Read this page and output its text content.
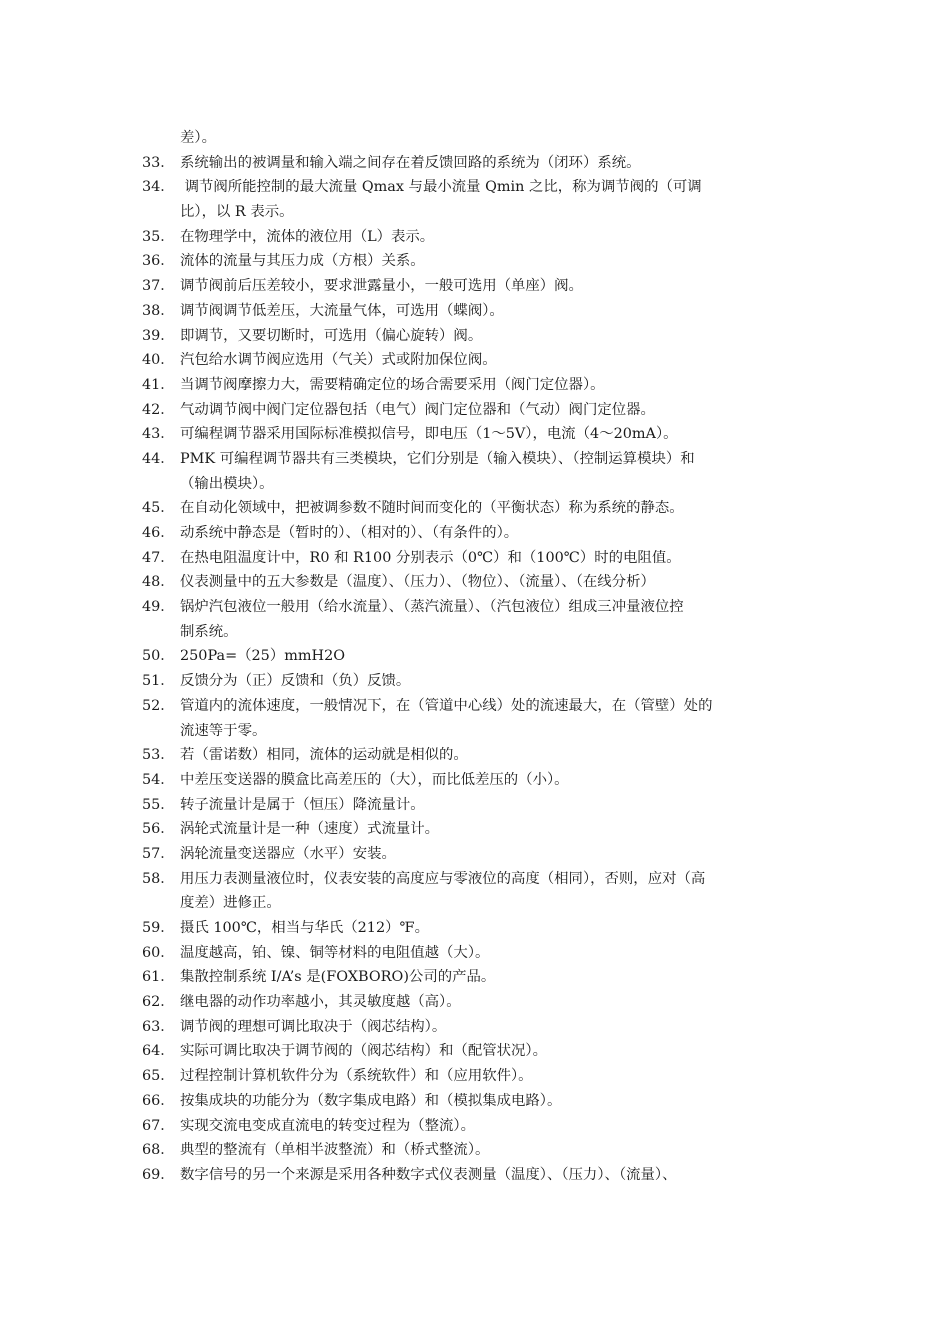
差）。
33． 系统输出的被调量和输入端之间存在着反馈回路的系统为（闭环）系统。
34． 调节阀所能控制的最大流量 Qmax 与最小流量 Qmin 之比，称为调节阀的（可调
比），以 R 表示。
35． 在物理学中，流体的液位用（L）表示。
36． 流体的流量与其压力成（方根）关系。
37． 调节阀前后压差较小，要求泄露量小，一般可选用（单座）阀。
38． 调节阀调节低差压，大流量气体，可选用（蝶阀）。
39． 即调节，又要切断时，可选用（偏心旋转）阀。
40． 汽包给水调节阀应选用（气关）式或附加保位阀。
41． 当调节阀摩擦力大，需要精确定位的场合需要采用（阀门定位器）。
42． 气动调节阀中阀门定位器包括（电气）阀门定位器和（气动）阀门定位器。
43． 可编程调节器采用国际标准模拟信号，即电压（1～5V），电流（4～20mA）。
44． PMK 可编程调节器共有三类模块，它们分别是（输入模块）、（控制运算模块）和
（输出模块）。
45． 在自动化领域中，把被调参数不随时间而变化的（平衡状态）称为系统的静态。
46． 动系统中静态是（暂时的）、（相对的）、（有条件的）。
47． 在热电阻温度计中，R0 和 R100 分别表示（0℃）和（100℃）时的电阻值。
48． 仪表测量中的五大参数是（温度）、（压力）、（物位）、（流量）、（在线分析）
49． 锅炉汽包液位一般用（给水流量）、（蒸汽流量）、（汽包液位）组成三冲量液位控
制系统。
50． 250Pa=（25）mmH2O
51． 反馈分为（正）反馈和（负）反馈。
52． 管道内的流体速度，一般情况下，在（管道中心线）处的流速最大，在（管壁）处的
流速等于零。
53． 若（雷诺数）相同，流体的运动就是相似的。
54． 中差压变送器的膜盒比高差压的（大），而比低差压的（小）。
55． 转子流量计是属于（恒压）降流量计。
56． 涡轮式流量计是一种（速度）式流量计。
57． 涡轮流量变送器应（水平）安装。
58． 用压力表测量液位时，仪表安装的高度应与零液位的高度（相同），否则，应对（高
度差）进修正。
59． 摄氏 100℃，相当与华氏（212）℉。
60． 温度越高，铂、镍、铜等材料的电阻值越（大）。
61． 集散控制系统 I/A’s 是(FOXBORO)公司的产品。
62． 继电器的动作功率越小，其灵敏度越（高）。
63． 调节阀的理想可调比取决于（阀芯结构）。
64． 实际可调比取决于调节阀的（阀芯结构）和（配管状况）。
65． 过程控制计算机软件分为（系统软件）和（应用软件）。
66． 按集成块的功能分为（数字集成电路）和（模拟集成电路）。
67． 实现交流电变成直流电的转变过程为（整流）。
68． 典型的整流有（单相半波整流）和（桥式整流）。
69． 数字信号的另一个来源是采用各种数字式仪表测量（温度）、（压力）、（流量）、
